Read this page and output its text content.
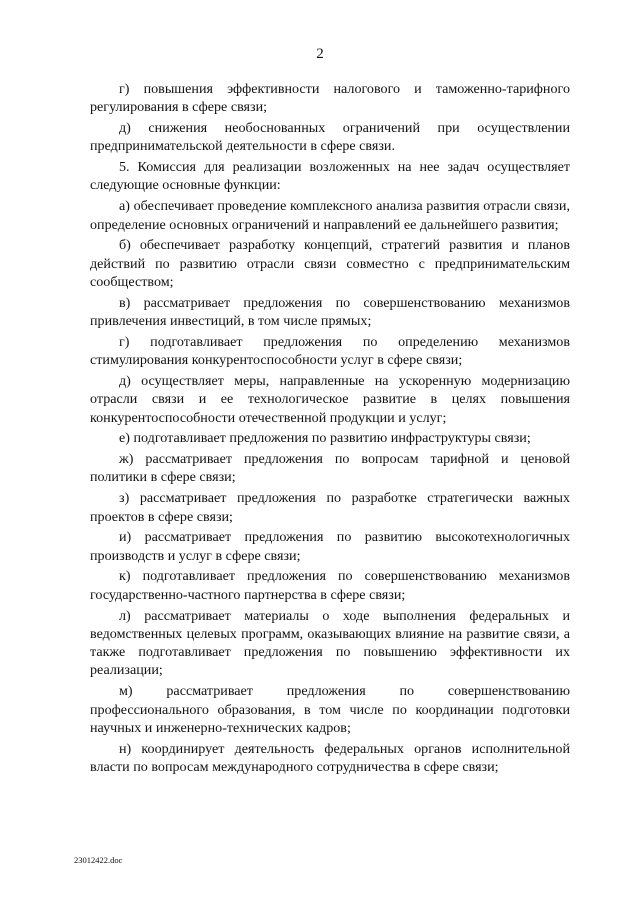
2

г) повышения эффективности налогового и таможенно-тарифного регулирования в сфере связи;

д) снижения необоснованных ограничений при осуществлении предпринимательской деятельности в сфере связи.

5. Комиссия для реализации возложенных на нее задач осуществляет следующие основные функции:

а) обеспечивает проведение комплексного анализа развития отрасли связи, определение основных ограничений и направлений ее дальнейшего развития;

б) обеспечивает разработку концепций, стратегий развития и планов действий по развитию отрасли связи совместно с предпринимательским сообществом;

в) рассматривает предложения по совершенствованию механизмов привлечения инвестиций, в том числе прямых;

г) подготавливает предложения по определению механизмов стимулирования конкурентоспособности услуг в сфере связи;

д) осуществляет меры, направленные на ускоренную модернизацию отрасли связи и ее технологическое развитие в целях повышения конкурентоспособности отечественной продукции и услуг;

е) подготавливает предложения по развитию инфраструктуры связи;

ж) рассматривает предложения по вопросам тарифной и ценовой политики в сфере связи;

з) рассматривает предложения по разработке стратегически важных проектов в сфере связи;

и) рассматривает предложения по развитию высокотехнологичных производств и услуг в сфере связи;

к) подготавливает предложения по совершенствованию механизмов государственно-частного партнерства в сфере связи;

л) рассматривает материалы о ходе выполнения федеральных и ведомственных целевых программ, оказывающих влияние на развитие связи, а также подготавливает предложения по повышению эффективности их реализации;

м) рассматривает предложения по совершенствованию профессионального образования, в том числе по координации подготовки научных и инженерно-технических кадров;

н) координирует деятельность федеральных органов исполнительной власти по вопросам международного сотрудничества в сфере связи;

23012422.doc
